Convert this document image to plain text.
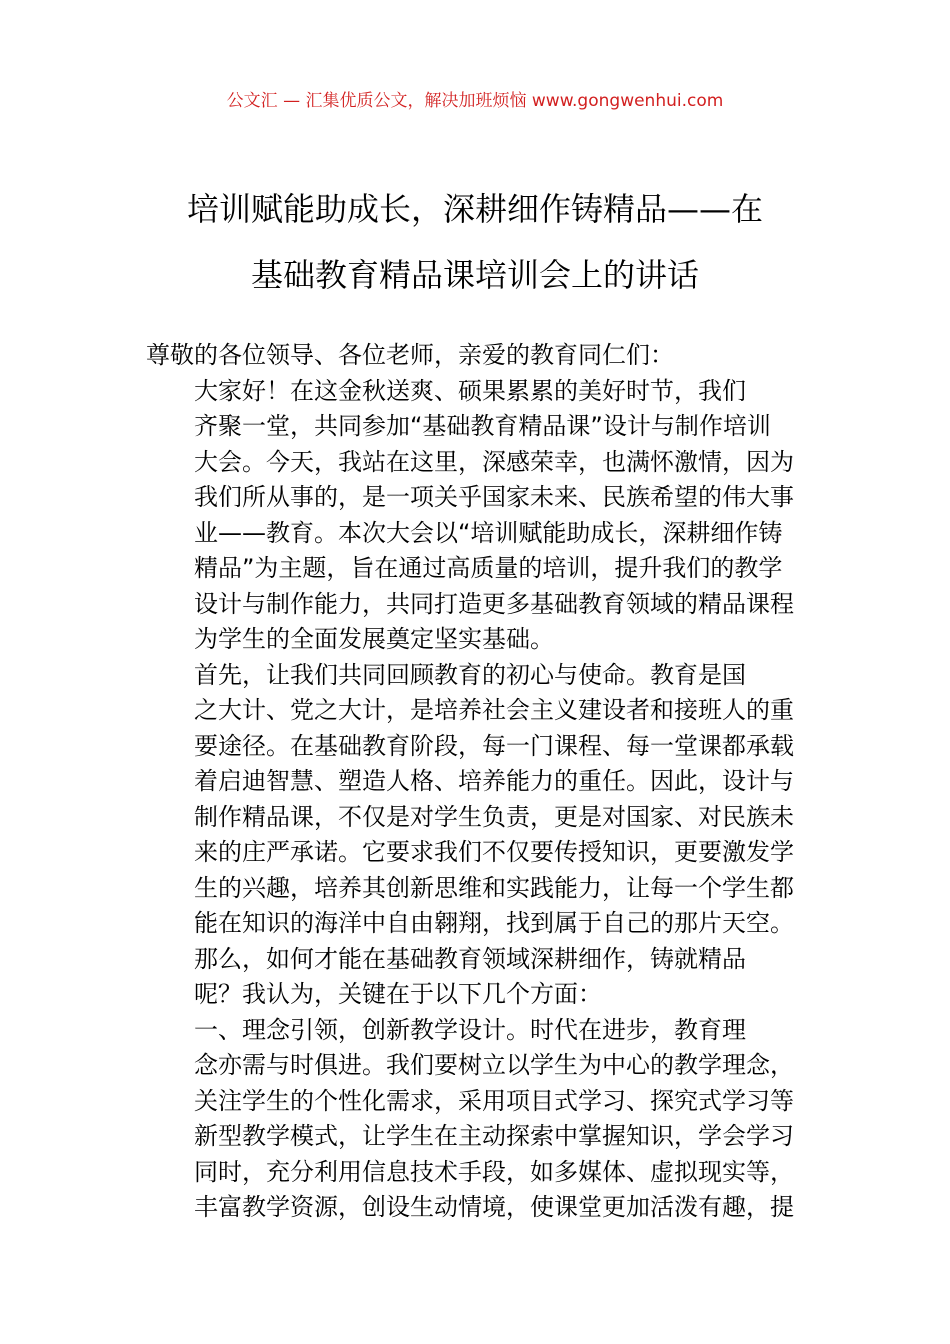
公文汇 — 汇集优质公文，解决加班烦恼 www.gongwenhui.com
培训赋能助成长，深耕细作铸精品——在
基础教育精品课培训会上的讲话

尊敬的各位领导、各位老师，亲爱的教育同仁们：

大家好！在这金秋送爽、硕果累累的美好时节，我们
齐聚一堂，共同参加“基础教育精品课”设计与制作培训
大会。今天，我站在这里，深感荣幸，也满怀激情，因为
我们所从事的，是一项关乎国家未来、民族希望的伟大事
业——教育。本次大会以“培训赋能助成长，深耕细作铸
精品”为主题，旨在通过高质量的培训，提升我们的教学
设计与制作能力，共同打造更多基础教育领域的精品课程
为学生的全面发展奠定坚实基础。

首先，让我们共同回顾教育的初心与使命。教育是国
之大计、党之大计，是培养社会主义建设者和接班人的重
要途径。在基础教育阶段，每一门课程、每一堂课都承载
着启迪智慧、塑造人格、培养能力的重任。因此，设计与
制作精品课，不仅是对学生负责，更是对国家、对民族未
来的庄严承诺。它要求我们不仅要传授知识，更要激发学
生的兴趣，培养其创新思维和实践能力，让每一个学生都
能在知识的海洋中自由翱翔，找到属于自己的那片天空。

那么，如何才能在基础教育领域深耕细作，铸就精品
呢？我认为，关键在于以下几个方面：

一、理念引领，创新教学设计。时代在进步，教育理
念亦需与时俱进。我们要树立以学生为中心的教学理念，
关注学生的个性化需求，采用项目式学习、探究式学习等
新型教学模式，让学生在主动探索中掌握知识，学会学习
同时，充分利用信息技术手段，如多媒体、虚拟现实等，
丰富教学资源，创设生动情境，使课堂更加活泼有趣，提
